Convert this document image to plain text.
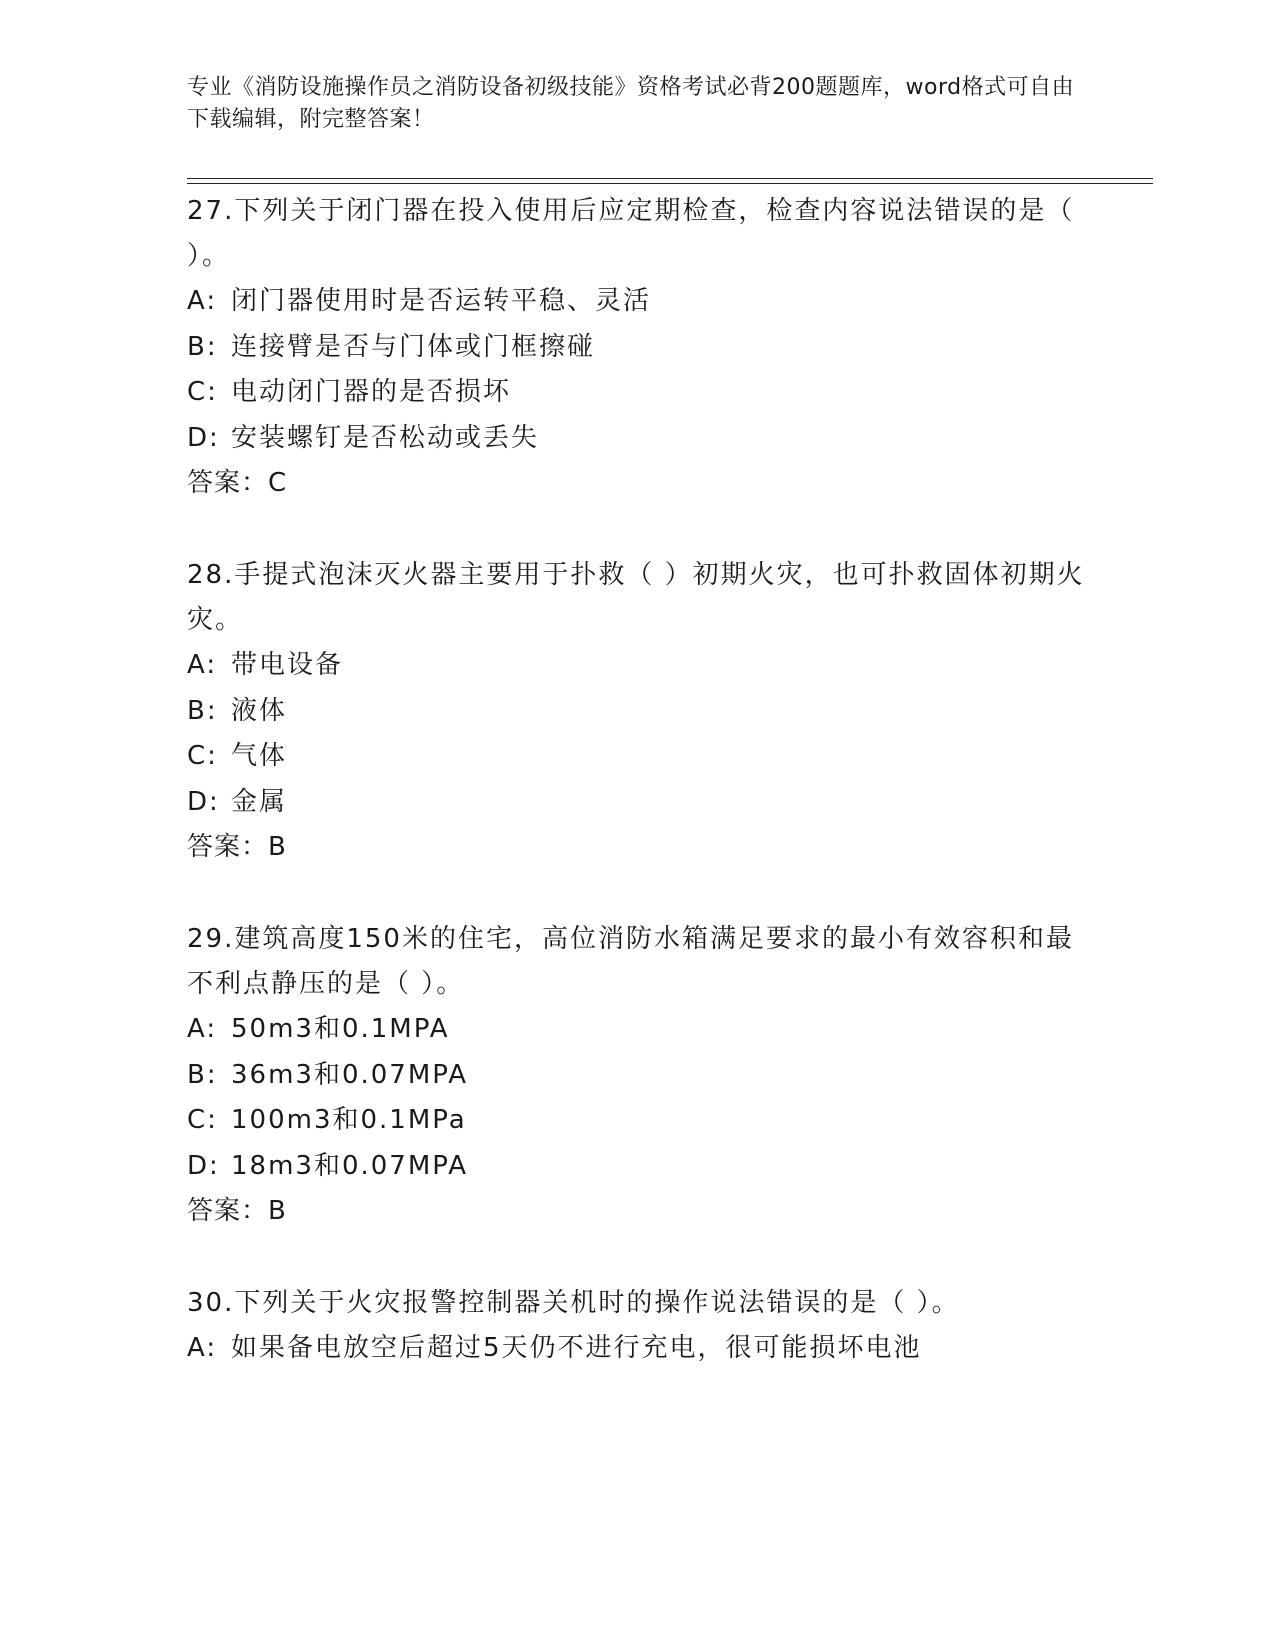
专业《消防设施操作员之消防设备初级技能》资格考试必背200题题库，word格式可自由下载编辑，附完整答案！
27.下列关于闭门器在投入使用后应定期检查，检查内容说法错误的是（ ）。
A: 闭门器使用时是否运转平稳、灵活
B: 连接臂是否与门体或门框擦碰
C: 电动闭门器的是否损坏
D: 安装螺钉是否松动或丢失
答案：C
28.手提式泡沫灭火器主要用于扑救（ ）初期火灾，也可扑救固体初期火灾。
A: 带电设备
B: 液体
C: 气体
D: 金属
答案：B
29.建筑高度150米的住宅，高位消防水箱满足要求的最小有效容积和最不利点静压的是（ ）。
A: 50m3和0.1MPA
B: 36m3和0.07MPA
C: 100m3和0.1MPa
D: 18m3和0.07MPA
答案：B
30.下列关于火灾报警控制器关机时的操作说法错误的是（ ）。
A: 如果备电放空后超过5天仍不进行充电，很可能损坏电池
